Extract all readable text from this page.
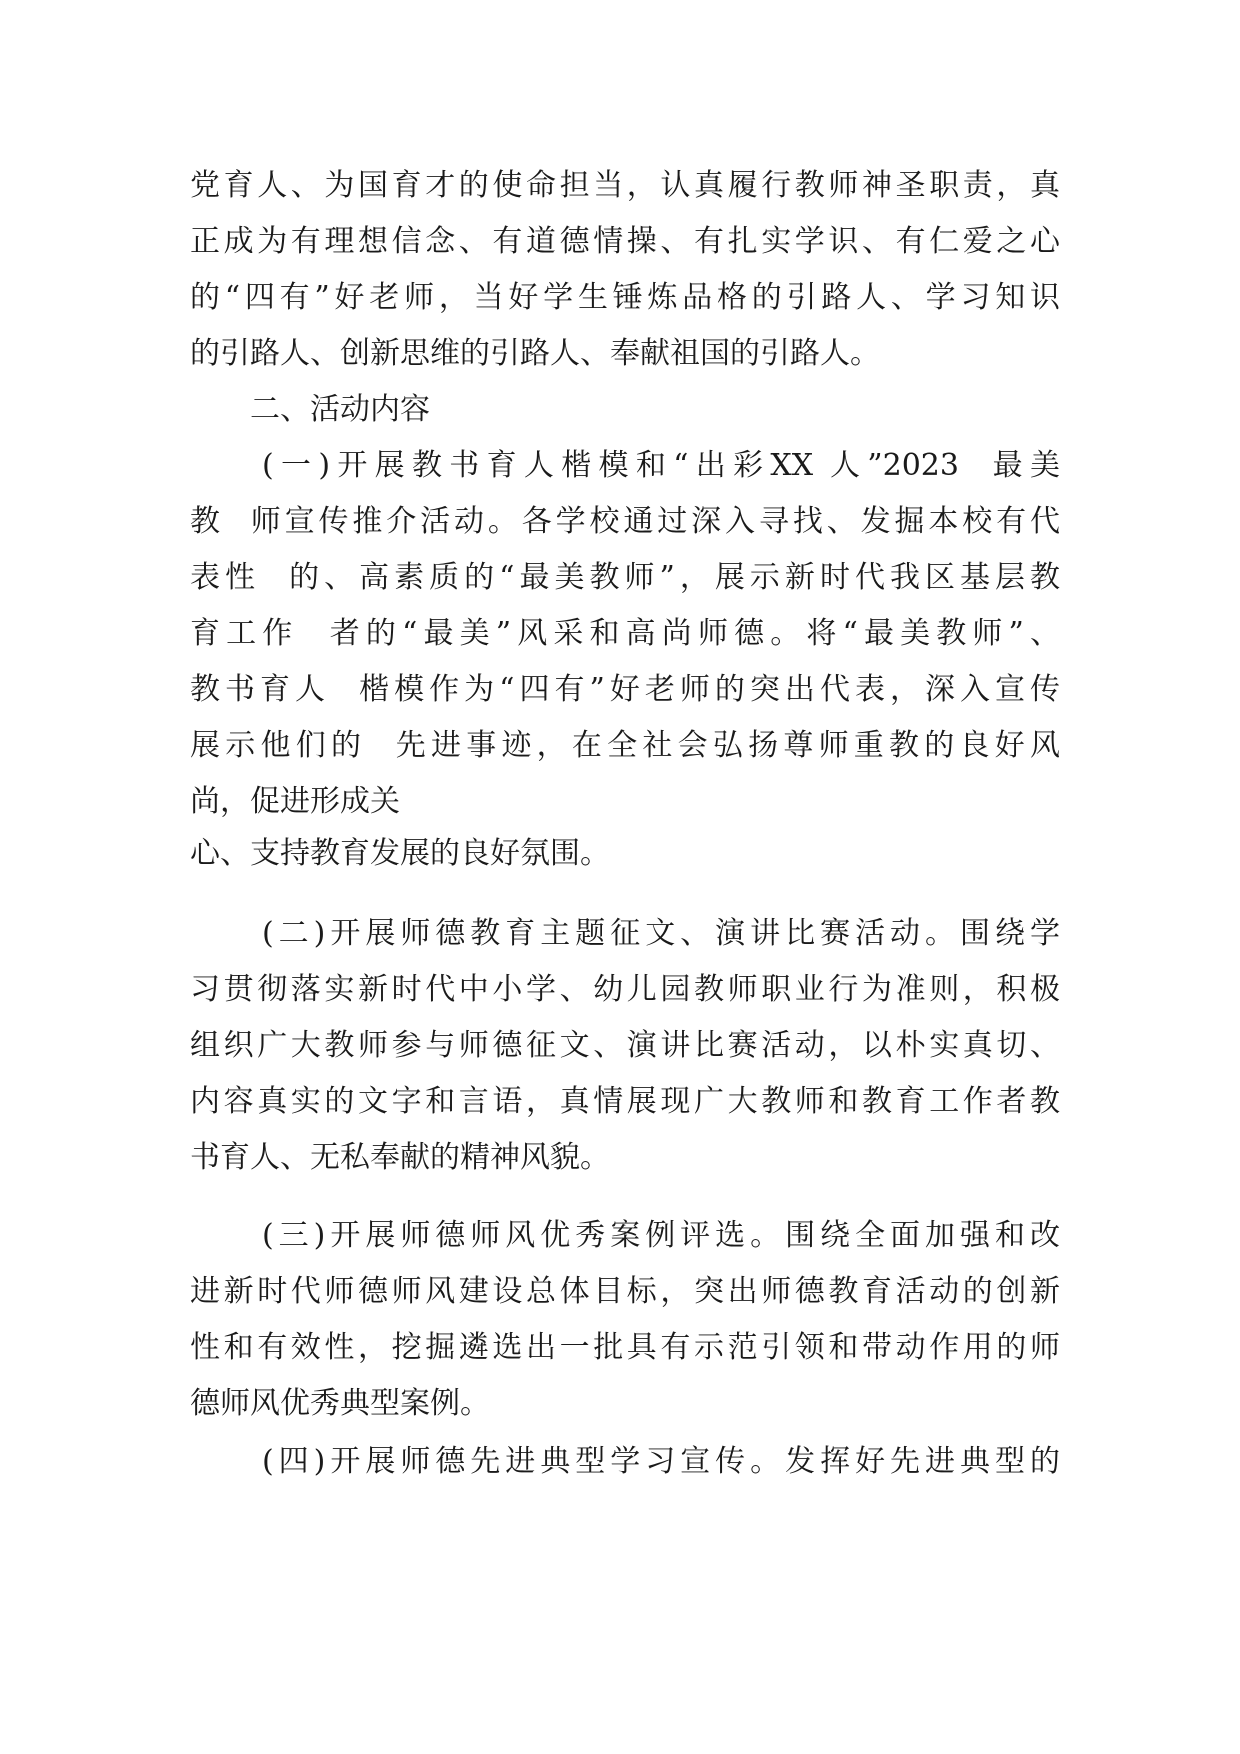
党育人、为国育才的使命担当，认真履行教师神圣职责，真
正成为有理想信念、有道德情操、有扎实学识、有仁爱之心
的“四有”好老师，当好学生锤炼品格的引路人、学习知识
的引路人、创新思维的引路人、奉献祖国的引路人。
二、活动内容
(一)开展教书育人楷模和“出彩XX 人”2023  最美
教  师宣传推介活动。各学校通过深入寻找、发掘本校有代
表性  的、高素质的“最美教师”，展示新时代我区基层教
育工作  者的“最美”风采和高尚师德。将“最美教师”、
教书育人  楷模作为“四有”好老师的突出代表，深入宣传
展示他们的  先进事迹，在全社会弘扬尊师重教的良好风
尚，促进形成关
心、支持教育发展的良好氛围。
(二)开展师德教育主题征文、演讲比赛活动。围绕学
习贯彻落实新时代中小学、幼儿园教师职业行为准则，积极
组织广大教师参与师德征文、演讲比赛活动，以朴实真切、
内容真实的文字和言语，真情展现广大教师和教育工作者教
书育人、无私奉献的精神风貌。
(三)开展师德师风优秀案例评选。围绕全面加强和改
进新时代师德师风建设总体目标，突出师德教育活动的创新
性和有效性，挖掘遴选出一批具有示范引领和带动作用的师
德师风优秀典型案例。
(四)开展师德先进典型学习宣传。发挥好先进典型的
